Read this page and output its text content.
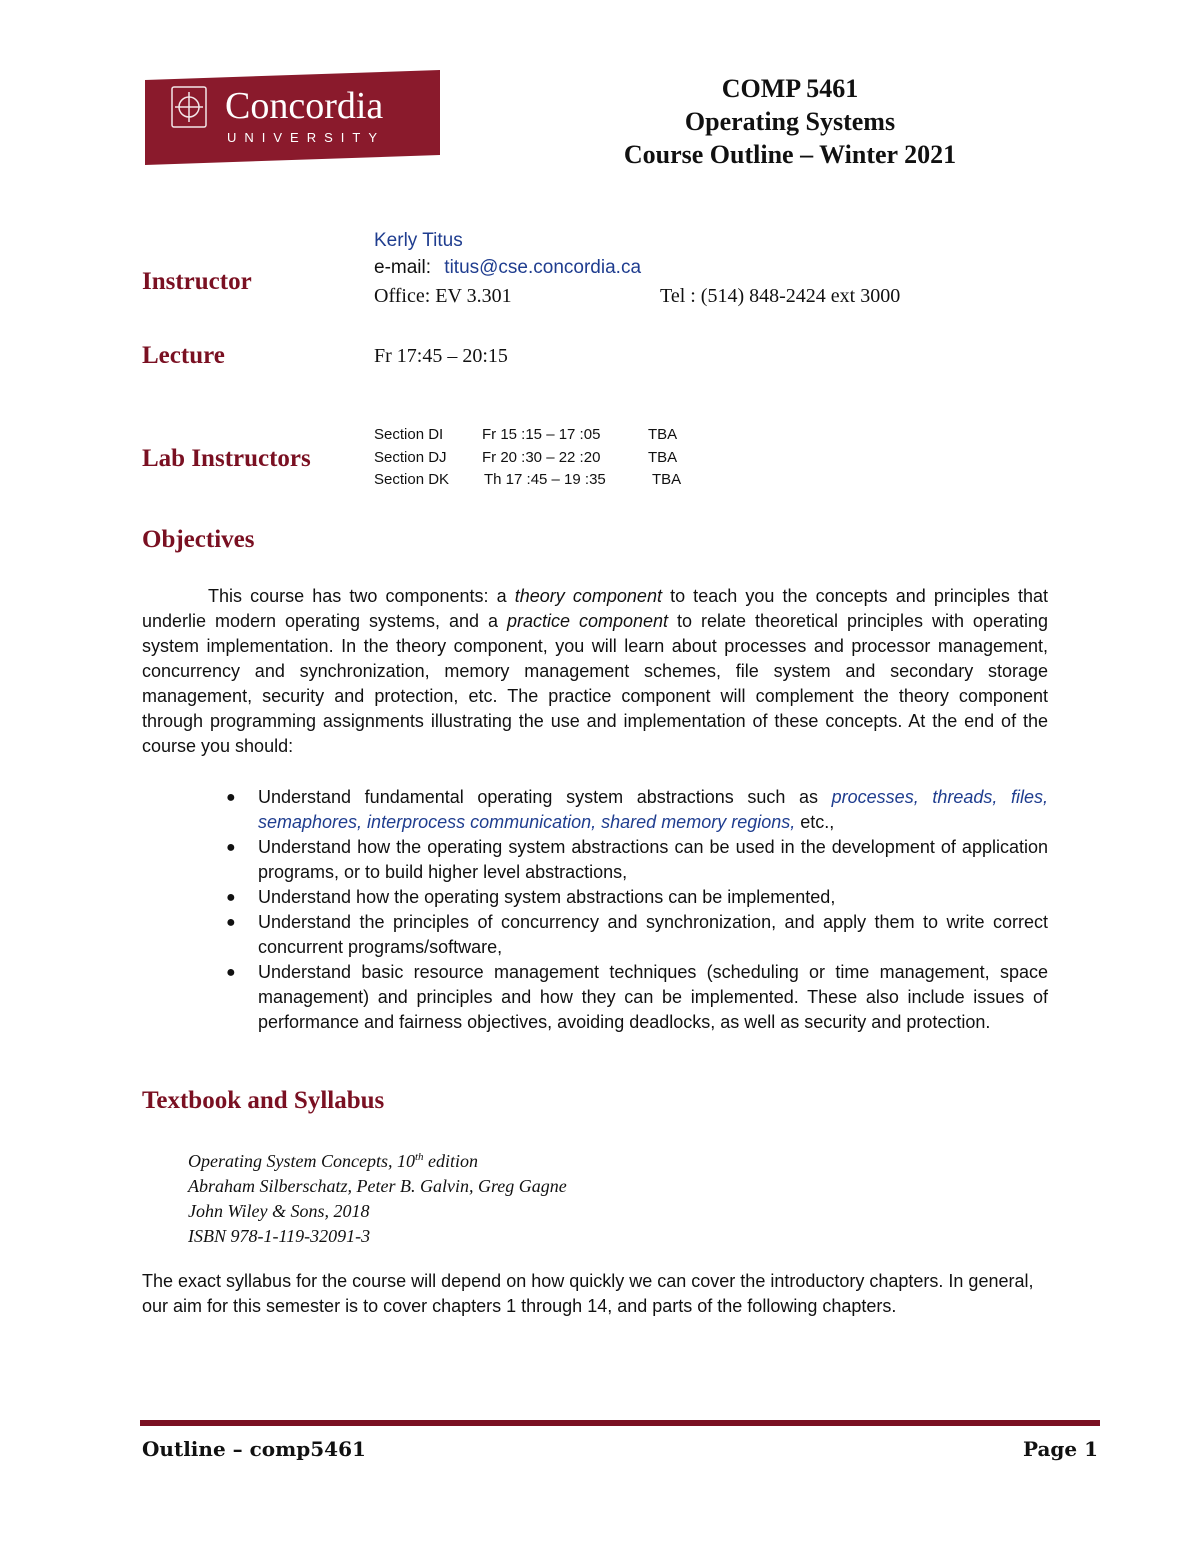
Concordia
UNIVERSITY
COMP 5461
Operating Systems
Course Outline – Winter 2021
Instructor
Kerly Titus
e-mail: titus@cse.concordia.ca
Office: EV 3.301	Tel : (514) 848-2424 ext 3000
Lecture	Fr 17:45 – 20:15
Lab Instructors
Section DI	Fr 15 :15 – 17 :05	TBA
Section DJ Fr 20 :30 – 22 :20	TBA
Section DK Th 17 :45 – 19 :35	TBA
Objectives
This course has two components: a theory component to teach you the concepts and principles that underlie modern operating systems, and a practice component to relate theoretical principles with operating system implementation. In the theory component, you will learn about processes and processor management, concurrency and synchronization, memory management schemes, file system and secondary storage management, security and protection, etc. The practice component will complement the theory component through programming assignments illustrating the use and implementation of these concepts. At the end of the course you should:
● Understand fundamental operating system abstractions such as processes, threads, files, semaphores, interprocess communication, shared memory regions, etc.,
● Understand how the operating system abstractions can be used in the development of application programs, or to build higher level abstractions,
● Understand how the operating system abstractions can be implemented,
● Understand the principles of concurrency and synchronization, and apply them to write correct concurrent programs/software,
● Understand basic resource management techniques (scheduling or time management, space management) and principles and how they can be implemented. These also include issues of performance and fairness objectives, avoiding deadlocks, as well as security and protection.
Textbook and Syllabus
Operating System Concepts, 10th edition
Abraham Silberschatz, Peter B. Galvin, Greg Gagne
John Wiley & Sons, 2018
ISBN 978-1-119-32091-3
The exact syllabus for the course will depend on how quickly we can cover the introductory chapters. In general, our aim for this semester is to cover chapters 1 through 14, and parts of the following chapters.
Outline – comp5461	Page 1
